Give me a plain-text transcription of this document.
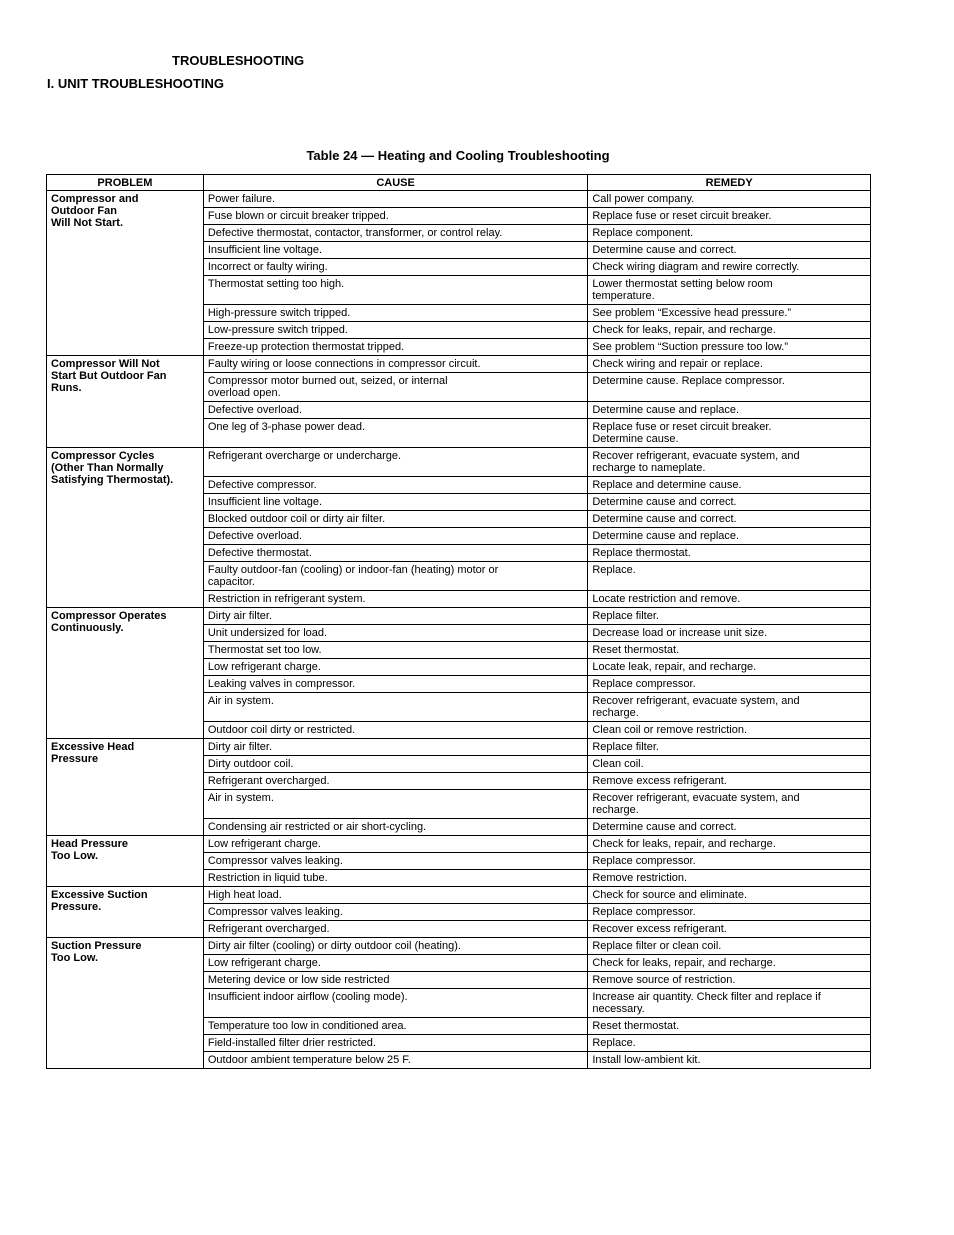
TROUBLESHOOTING
I. UNIT TROUBLESHOOTING
Table 24 — Heating and Cooling Troubleshooting
PROBLEM	CAUSE	REMEDY
Compressor and
Outdoor Fan
Will Not Start.	Power failure.	Call power company.
	Fuse blown or circuit breaker tripped.	Replace fuse or reset circuit breaker.
	Defective thermostat, contactor, transformer, or control relay.	Replace component.
	Insufficient line voltage.	Determine cause and correct.
	Incorrect or faulty wiring.	Check wiring diagram and rewire correctly.
	Thermostat setting too high.	Lower thermostat setting below room
temperature.
	High-pressure switch tripped.	See problem “Excessive head pressure.”
	Low-pressure switch tripped.	Check for leaks, repair, and recharge.
	Freeze-up protection thermostat tripped.	See problem “Suction pressure too low.”
Compressor Will Not
Start But Outdoor Fan
Runs.	Faulty wiring or loose connections in compressor circuit.	Check wiring and repair or replace.
	Compressor motor burned out, seized, or internal
overload open.	Determine cause. Replace compressor.
	Defective overload.	Determine cause and replace.
	One leg of 3-phase power dead.	Replace fuse or reset circuit breaker.
Determine cause.
Compressor Cycles
(Other Than Normally
Satisfying Thermostat).	Refrigerant overcharge or undercharge.	Recover refrigerant, evacuate system, and
recharge to nameplate.
	Defective compressor.	Replace and determine cause.
	Insufficient line voltage.	Determine cause and correct.
	Blocked outdoor coil or dirty air filter.	Determine cause and correct.
	Defective overload.	Determine cause and replace.
	Defective thermostat.	Replace thermostat.
	Faulty outdoor-fan (cooling) or indoor-fan (heating) motor or
capacitor.	Replace.
	Restriction in refrigerant system.	Locate restriction and remove.
Compressor Operates
Continuously.	Dirty air filter.	Replace filter.
	Unit undersized for load.	Decrease load or increase unit size.
	Thermostat set too low.	Reset thermostat.
	Low refrigerant charge.	Locate leak, repair, and recharge.
	Leaking valves in compressor.	Replace compressor.
	Air in system.	Recover refrigerant, evacuate system, and
recharge.
	Outdoor coil dirty or restricted.	Clean coil or remove restriction.
Excessive Head
Pressure	Dirty air filter.	Replace filter.
	Dirty outdoor coil.	Clean coil.
	Refrigerant overcharged.	Remove excess refrigerant.
	Air in system.	Recover refrigerant, evacuate system, and
recharge.
	Condensing air restricted or air short-cycling.	Determine cause and correct.
Head Pressure
Too Low.	Low refrigerant charge.	Check for leaks, repair, and recharge.
	Compressor valves leaking.	Replace compressor.
	Restriction in liquid tube.	Remove restriction.
Excessive Suction
Pressure.	High heat load.	Check for source and eliminate.
	Compressor valves leaking.	Replace compressor.
	Refrigerant overcharged.	Recover excess refrigerant.
Suction Pressure
Too Low.	Dirty air filter (cooling) or dirty outdoor coil (heating).	Replace filter or clean coil.
	Low refrigerant charge.	Check for leaks, repair, and recharge.
	Metering device or low side restricted	Remove source of restriction.
	Insufficient indoor airflow (cooling mode).	Increase air quantity. Check filter and replace if
necessary.
	Temperature too low in conditioned area.	Reset thermostat.
	Field-installed filter drier restricted.	Replace.
	Outdoor ambient temperature below 25 F.	Install low-ambient kit.
